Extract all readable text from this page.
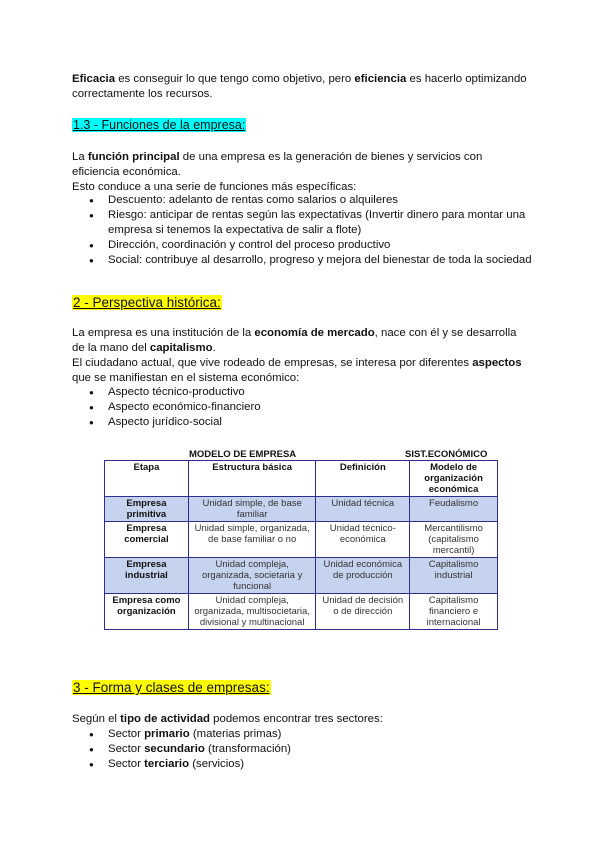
Eficacia es conseguir lo que tengo como objetivo, pero eficiencia es hacerlo optimizando correctamente los recursos.

1.3 - Funciones de la empresa:

La función principal de una empresa es la generación de bienes y servicios con eficiencia económica.

Esto conduce a una serie de funciones más específicas:

● Descuento: adelanto de rentas como salarios o alquileres
● Riesgo: anticipar de rentas según las expectativas (Invertir dinero para montar una empresa si tenemos la expectativa de salir a flote)
● Dirección, coordinación y control del proceso productivo
● Social: contribuye al desarrollo, progreso y mejora del bienestar de toda la sociedad
2 - Perspectiva histórica:

La empresa es una institución de la economía de mercado, nace con él y se desarrolla de la mano del capitalismo.

El ciudadano actual, que vive rodeado de empresas, se interesa por diferentes aspectos que se manifiestan en el sistema económico:

● Aspecto técnico-productivo
● Aspecto económico-financiero
● Aspecto jurídico-social
MODELO DE EMPRESA	SIST.ECONÓMICO
Etapa	Estructura básica	Definición	Modelo de organización económica
Empresa primitiva	Unidad simple, de base familiar	Unidad técnica	Feudalismo
Empresa comercial	Unidad simple, organizada, de base familiar o no	Unidad técnico-económica	Mercantilismo (capitalismo mercantil)
Empresa industrial	Unidad compleja, organizada, societaria y funcional	Unidad económica de producción	Capitalismo industrial
Empresa como organización	Unidad compleja, organizada, multisocietaria, divisional y multinacional	Unidad de decisión o de dirección	Capitalismo financiero e internacional
3 - Forma y clases de empresas:

Según el tipo de actividad podemos encontrar tres sectores:

● Sector primario (materias primas)
● Sector secundario (transformación)
● Sector terciario (servicios)
